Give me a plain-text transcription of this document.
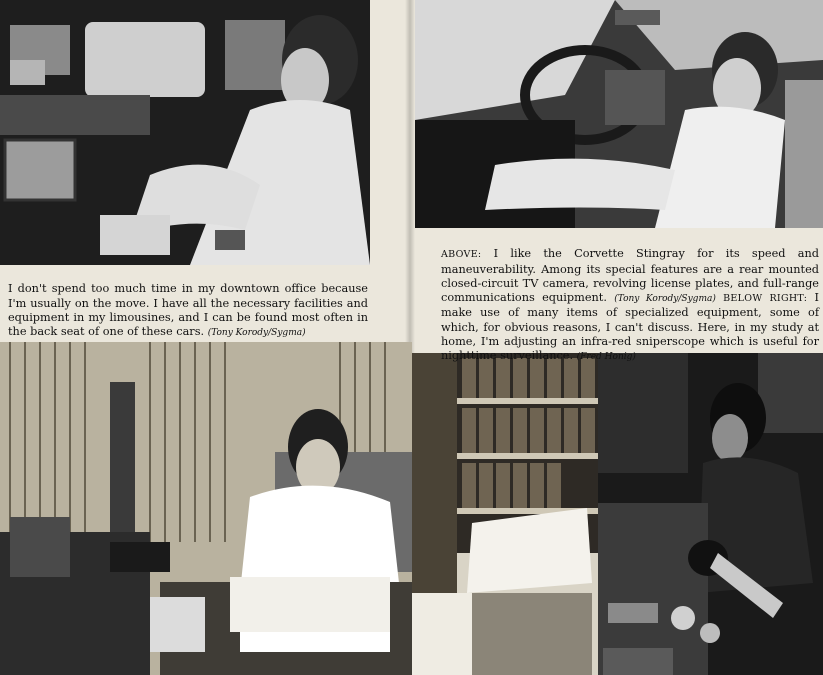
I don't spend too much time in my downtown office because I'm usually on the move. I have all the necessary facilities and equipment in my limousines, and I can be found most often in the back seat of one of these cars. (Tony Korody/Sygma)

ABOVE: I like the Corvette Stingray for its speed and maneuverability. Among its special features are a rear mounted closed-circuit TV camera, revolving license plates, and full-range communications equipment. (Tony Korody/Sygma) BELOW RIGHT: I make use of many items of specialized equipment, some of which, for obvious reasons, I can't discuss. Here, in my study at home, I'm adjusting an infra-red sniperscope which is useful for nighttime surveillance. (Fred Honig)
